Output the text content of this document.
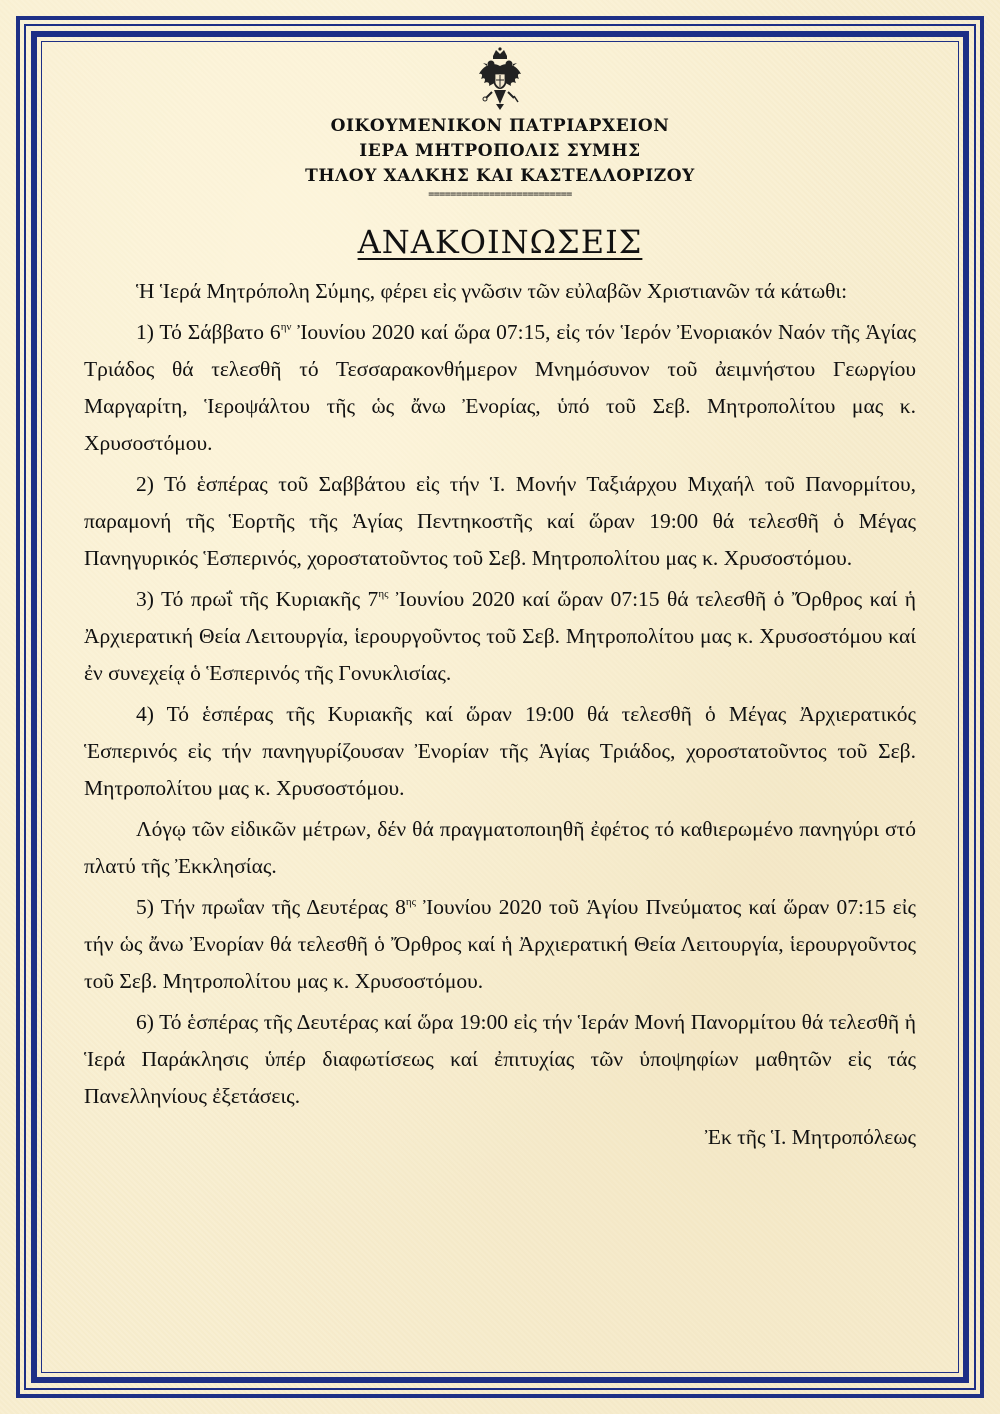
ΟΙΚΟΥΜΕΝΙΚΟΝ ΠΑΤΡΙΑΡΧΕΙΟΝ
ΙΕΡΑ ΜΗΤΡΟΠΟΛΙΣ ΣΥΜΗΣ
ΤΗΛΟΥ ΧΑΛΚΗΣ ΚΑΙ ΚΑΣΤΕΛΛΟΡΙΖΟΥ
==========================
ΑΝΑΚΟΙΝΩΣΕΙΣ

Ἡ Ἱερά Μητρόπολη Σύμης, φέρει εἰς γνῶσιν τῶν εὐλαβῶν Χριστιανῶν τά κάτωθι:

1) Τό Σάββατο $6^{\eta\nu}$ Ἰουνίου 2020 καί ὥρα 07:15, εἰς τόν Ἱερόν Ἐνοριακόν Ναόν τῆς Ἁγίας Τριάδος θά τελεσθῆ τό Τεσσαρακονθήμερον Μνημόσυνον τοῦ ἀειμνήστου Γεωργίου Μαργαρίτη, Ἱεροψάλτου τῆς ὡς ἄνω Ἐνορίας, ὑπό τοῦ Σεβ. Μητροπολίτου μας κ. Χρυσοστόμου.

2) Τό ἑσπέρας τοῦ Σαββάτου εἰς τήν Ἱ. Μονήν Ταξιάρχου Μιχαήλ τοῦ Πανορμίτου, παραμονή τῆς Ἑορτῆς τῆς Ἁγίας Πεντηκοστῆς καί ὥραν 19:00 θά τελεσθῆ ὁ Μέγας Πανηγυρικός Ἑσπερινός, χοροστατοῦντος τοῦ Σεβ. Μητροπολίτου μας κ. Χρυσοστόμου.

3) Τό πρωΐ τῆς Κυριακῆς $7^{\eta\varsigma}$ Ἰουνίου 2020 καί ὥραν 07:15 θά τελεσθῆ ὁ Ὄρθρος καί ἡ Ἀρχιερατική Θεία Λειτουργία, ἱερουργοῦντος τοῦ Σεβ. Μητροπολίτου μας κ. Χρυσοστόμου καί ἐν συνεχείᾳ ὁ Ἑσπερινός τῆς Γονυκλισίας.

4) Τό ἑσπέρας τῆς Κυριακῆς καί ὥραν 19:00 θά τελεσθῆ ὁ Μέγας Ἀρχιερατικός Ἑσπερινός εἰς τήν πανηγυρίζουσαν Ἐνορίαν τῆς Ἁγίας Τριάδος, χοροστατοῦντος τοῦ Σεβ. Μητροπολίτου μας κ. Χρυσοστόμου.

Λόγῳ τῶν εἰδικῶν μέτρων, δέν θά πραγματοποιηθῆ ἐφέτος τό καθιερωμένο πανηγύρι στό πλατύ τῆς Ἐκκλησίας.

5) Τήν πρωΐαν τῆς Δευτέρας $8^{\eta\varsigma}$ Ἰουνίου 2020 τοῦ Ἁγίου Πνεύματος καί ὥραν 07:15 εἰς τήν ὡς ἄνω Ἐνορίαν θά τελεσθῆ ὁ Ὄρθρος καί ἡ Ἀρχιερατική Θεία Λειτουργία, ἱερουργοῦντος τοῦ Σεβ. Μητροπολίτου μας κ. Χρυσοστόμου.

6) Τό ἑσπέρας τῆς Δευτέρας καί ὥρα 19:00 εἰς τήν Ἱεράν Μονή Πανορμίτου θά τελεσθῆ ἡ Ἱερά Παράκλησις ὑπέρ διαφωτίσεως καί ἐπιτυχίας τῶν ὑποψηφίων μαθητῶν εἰς τάς Πανελληνίους ἐξετάσεις.

Ἐκ τῆς Ἱ. Μητροπόλεως
